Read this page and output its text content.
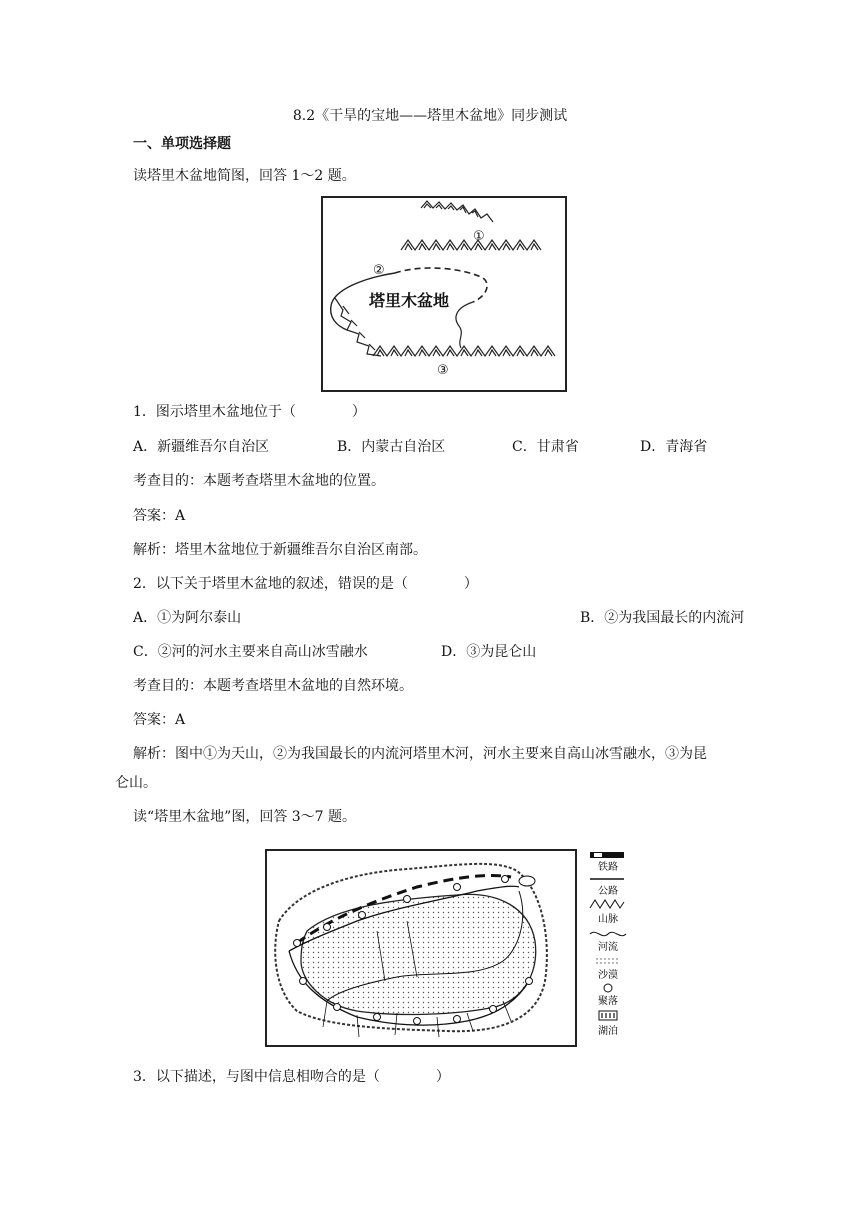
8.2《干旱的宝地——塔里木盆地》同步测试
一、单项选择题
读塔里木盆地简图，回答 1～2 题。
塔里木盆地
①
②
③
1．图示塔里木盆地位于（　　　　）
A．新疆维吾尔自治区	B．内蒙古自治区	C．甘肃省	D．青海省
考查目的：本题考查塔里木盆地的位置。
答案：A
解析：塔里木盆地位于新疆维吾尔自治区南部。
2．以下关于塔里木盆地的叙述，错误的是（　　　　）
A．①为阿尔泰山	B．②为我国最长的内流河
C．②河的河水主要来自高山冰雪融水	D．③为昆仑山
考查目的：本题考查塔里木盆地的自然环境。
答案：A
解析：图中①为天山，②为我国最长的内流河塔里木河，河水主要来自高山冰雪融水，③为昆
仑山。
读“塔里木盆地”图，回答 3～7 题。
铁路
公路
山脉
河流
沙漠
聚落
湖泊
3．以下描述，与图中信息相吻合的是（　　　　）
